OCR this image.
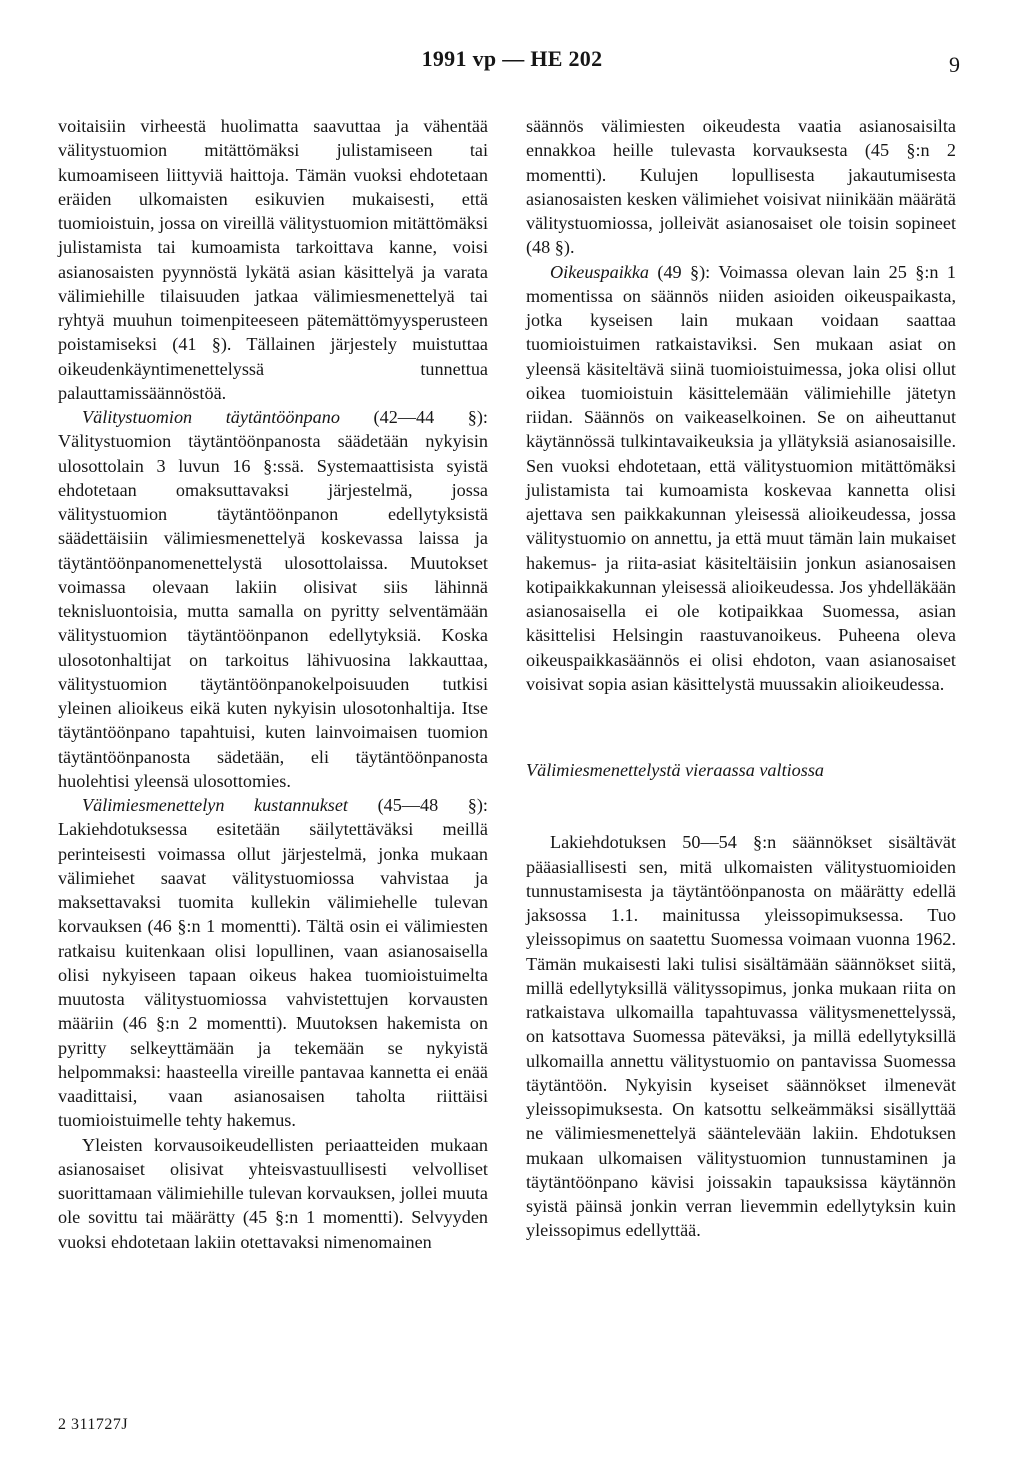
1991 vp — HE 202	9

voitaisiin virheestä huolimatta saavuttaa ja vähentää välitystuomion mitättömäksi julistamiseen tai kumoamiseen liittyviä haittoja. Tämän vuoksi ehdotetaan eräiden ulkomaisten esikuvien mukaisesti, että tuomioistuin, jossa on vireillä välitystuomion mitättömäksi julistamista tai kumoamista tarkoittava kanne, voisi asianosaisten pyynnöstä lykätä asian käsittelyä ja varata välimiehille tilaisuuden jatkaa välimiesmenettelyä tai ryhtyä muuhun toimenpiteeseen pätemättömyysperusteen poistamiseksi (41 §). Tällainen järjestely muistuttaa oikeudenkäyntimenettelyssä tunnettua palauttamissäännöstöä.

Välitystuomion täytäntöönpano (42—44 §): Välitystuomion täytäntöönpanosta säädetään nykyisin ulosottolain 3 luvun 16 §:ssä. Systemaattisista syistä ehdotetaan omaksuttavaksi järjestelmä, jossa välitystuomion täytäntöönpanon edellytyksistä säädettäisiin välimiesmenettelyä koskevassa laissa ja täytäntöönpanomenettelystä ulosottolaissa. Muutokset voimassa olevaan lakiin olisivat siis lähinnä teknisluontoisia, mutta samalla on pyritty selventämään välitystuomion täytäntöönpanon edellytyksiä. Koska ulosotonhaltijat on tarkoitus lähivuosina lakkauttaa, välitystuomion täytäntöönpanokelpoisuuden tutkisi yleinen alioikeus eikä kuten nykyisin ulosotonhaltija. Itse täytäntöönpano tapahtuisi, kuten lainvoimaisen tuomion täytäntöönpanosta sädetään, eli täytäntöönpanosta huolehtisi yleensä ulosottomies.

Välimiesmenettelyn kustannukset (45—48 §): Lakiehdotuksessa esitetään säilytettäväksi meillä perinteisesti voimassa ollut järjestelmä, jonka mukaan välimiehet saavat välitystuomiossa vahvistaa ja maksettavaksi tuomita kullekin välimiehelle tulevan korvauksen (46 §:n 1 momentti). Tältä osin ei välimiesten ratkaisu kuitenkaan olisi lopullinen, vaan asianosaisella olisi nykyiseen tapaan oikeus hakea tuomioistuimelta muutosta välitystuomiossa vahvistettujen korvausten määriin (46 §:n 2 momentti). Muutoksen hakemista on pyritty selkeyttämään ja tekemään se nykyistä helpommaksi: haasteella vireille pantavaa kannetta ei enää vaadittaisi, vaan asianosaisen taholta riittäisi tuomioistuimelle tehty hakemus.

Yleisten korvausoikeudellisten periaatteiden mukaan asianosaiset olisivat yhteisvastuullisesti velvolliset suorittamaan välimiehille tulevan korvauksen, jollei muuta ole sovittu tai määrätty (45 §:n 1 momentti). Selvyyden vuoksi ehdotetaan lakiin otettavaksi nimenomainen

säännös välimiesten oikeudesta vaatia asianosaisilta ennakkoa heille tulevasta korvauksesta (45 §:n 2 momentti). Kulujen lopullisesta jakautumisesta asianosaisten kesken välimiehet voisivat niinikään määrätä välitystuomiossa, jolleivät asianosaiset ole toisin sopineet (48 §).

Oikeuspaikka (49 §): Voimassa olevan lain 25 §:n 1 momentissa on säännös niiden asioiden oikeuspaikasta, jotka kyseisen lain mukaan voidaan saattaa tuomioistuimen ratkaistaviksi. Sen mukaan asiat on yleensä käsiteltävä siinä tuomioistuimessa, joka olisi ollut oikea tuomioistuin käsittelemään välimiehille jätetyn riidan. Säännös on vaikeaselkoinen. Se on aiheuttanut käytännössä tulkintavaikeuksia ja yllätyksiä asianosaisille. Sen vuoksi ehdotetaan, että välitystuomion mitättömäksi julistamista tai kumoamista koskevaa kannetta olisi ajettava sen paikkakunnan yleisessä alioikeudessa, jossa välitystuomio on annettu, ja että muut tämän lain mukaiset hakemus- ja riita-asiat käsiteltäisiin jonkun asianosaisen kotipaikkakunnan yleisessä alioikeudessa. Jos yhdelläkään asianosaisella ei ole kotipaikkaa Suomessa, asian käsittelisi Helsingin raastuvanoikeus. Puheena oleva oikeuspaikkasäännös ei olisi ehdoton, vaan asianosaiset voisivat sopia asian käsittelystä muussakin alioikeudessa.

Välimiesmenettelystä vieraassa valtiossa

Lakiehdotuksen 50—54 §:n säännökset sisältävät pääasiallisesti sen, mitä ulkomaisten välitystuomioiden tunnustamisesta ja täytäntöönpanosta on määrätty edellä jaksossa 1.1. mainitussa yleissopimuksessa. Tuo yleissopimus on saatettu Suomessa voimaan vuonna 1962. Tämän mukaisesti laki tulisi sisältämään säännökset siitä, millä edellytyksillä välityssopimus, jonka mukaan riita on ratkaistava ulkomailla tapahtuvassa välitysmenettelyssä, on katsottava Suomessa päteväksi, ja millä edellytyksillä ulkomailla annettu välitystuomio on pantavissa Suomessa täytäntöön. Nykyisin kyseiset säännökset ilmenevät yleissopimuksesta. On katsottu selkeämmäksi sisällyttää ne välimiesmenettelyä sääntelevään lakiin. Ehdotuksen mukaan ulkomaisen välitystuomion tunnustaminen ja täytäntöönpano kävisi joissakin tapauksissa käytännön syistä päinsä jonkin verran lievemmin edellytyksin kuin yleissopimus edellyttää.

2 311727J
